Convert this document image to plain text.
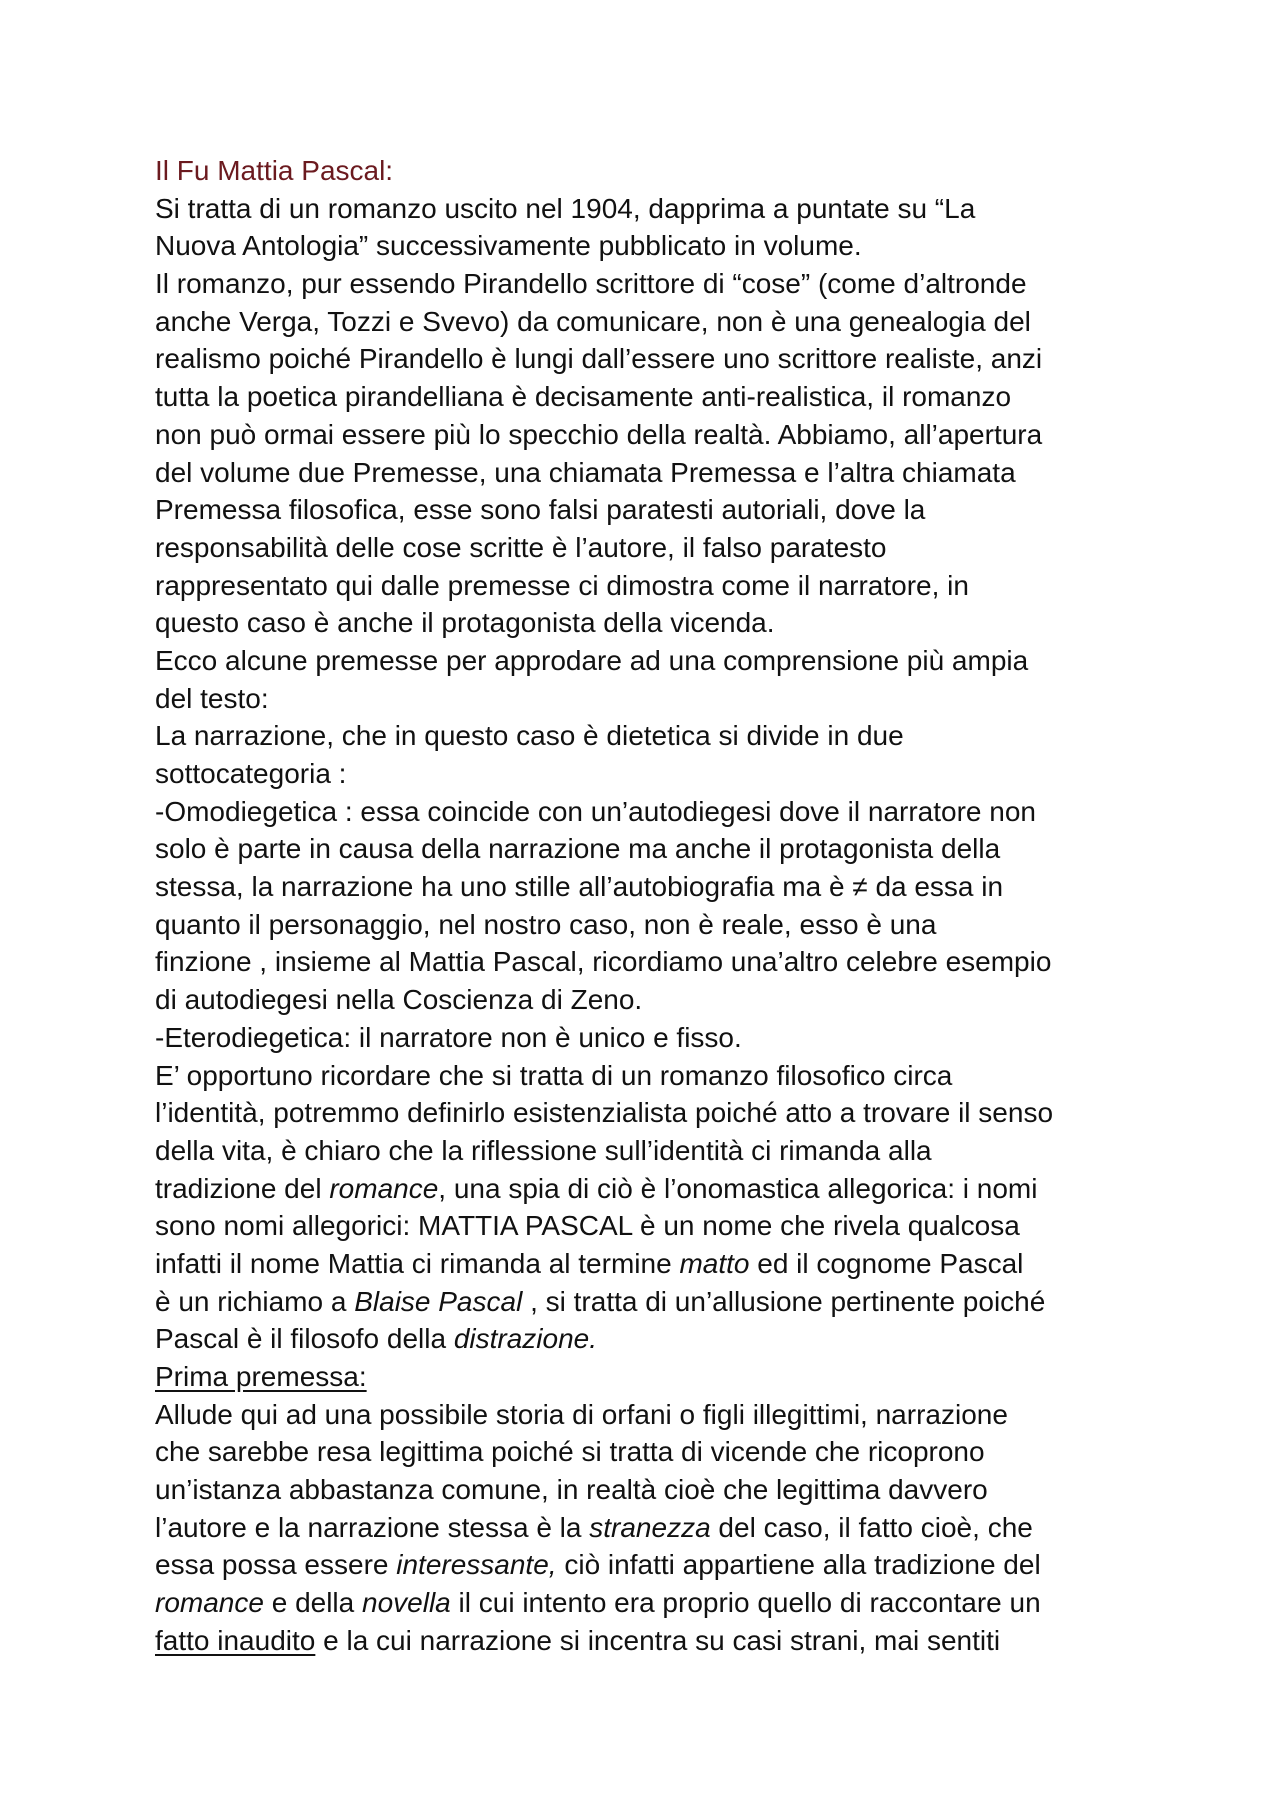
Il Fu Mattia Pascal:
Si tratta di un romanzo uscito nel 1904, dapprima a puntate su “La
Nuova Antologia” successivamente pubblicato in volume.
Il romanzo, pur essendo Pirandello scrittore di “cose” (come d’altronde
anche Verga, Tozzi e Svevo) da comunicare, non è una genealogia del
realismo poiché Pirandello è lungi dall’essere uno scrittore realiste, anzi
tutta la poetica pirandelliana è decisamente anti-realistica, il romanzo
non può ormai essere più lo specchio della realtà. Abbiamo, all’apertura
del volume due Premesse, una chiamata Premessa e l’altra chiamata
Premessa filosofica, esse sono falsi paratesti autoriali, dove la
responsabilità delle cose scritte è l’autore, il falso paratesto
rappresentato qui dalle premesse ci dimostra come il narratore, in
questo caso è anche il protagonista della vicenda.
Ecco alcune premesse per approdare ad una comprensione più ampia
del testo:
La narrazione, che in questo caso è dietetica si divide in due
sottocategoria :
-Omodiegetica : essa coincide con un’autodiegesi dove il narratore non
solo è parte in causa della narrazione ma anche il protagonista della
stessa, la narrazione ha uno stille all’autobiografia ma è ≠ da essa in
quanto il personaggio, nel nostro caso, non è reale, esso è una
finzione , insieme al Mattia Pascal, ricordiamo una’altro celebre esempio
di autodiegesi nella Coscienza di Zeno.
-Eterodiegetica: il narratore non è unico e fisso.
E’ opportuno ricordare che si tratta di un romanzo filosofico circa
l’identità, potremmo definirlo esistenzialista poiché atto a trovare il senso
della vita, è chiaro che la riflessione sull’identità ci rimanda alla
tradizione del romance, una spia di ciò è l’onomastica allegorica: i nomi
sono nomi allegorici: MATTIA PASCAL è un nome che rivela qualcosa
infatti il nome Mattia ci rimanda al termine matto ed il cognome Pascal
è un richiamo a Blaise Pascal , si tratta di un’allusione pertinente poiché
Pascal è il filosofo della distrazione.
Prima premessa:
Allude qui ad una possibile storia di orfani o figli illegittimi, narrazione
che sarebbe resa legittima poiché si tratta di vicende che ricoprono
un’istanza abbastanza comune, in realtà cioè che legittima davvero
l’autore e la narrazione stessa è la stranezza del caso, il fatto cioè, che
essa possa essere interessante, ciò infatti appartiene alla tradizione del
romance e della novella il cui intento era proprio quello di raccontare un
fatto inaudito e la cui narrazione si incentra su casi strani, mai sentiti
